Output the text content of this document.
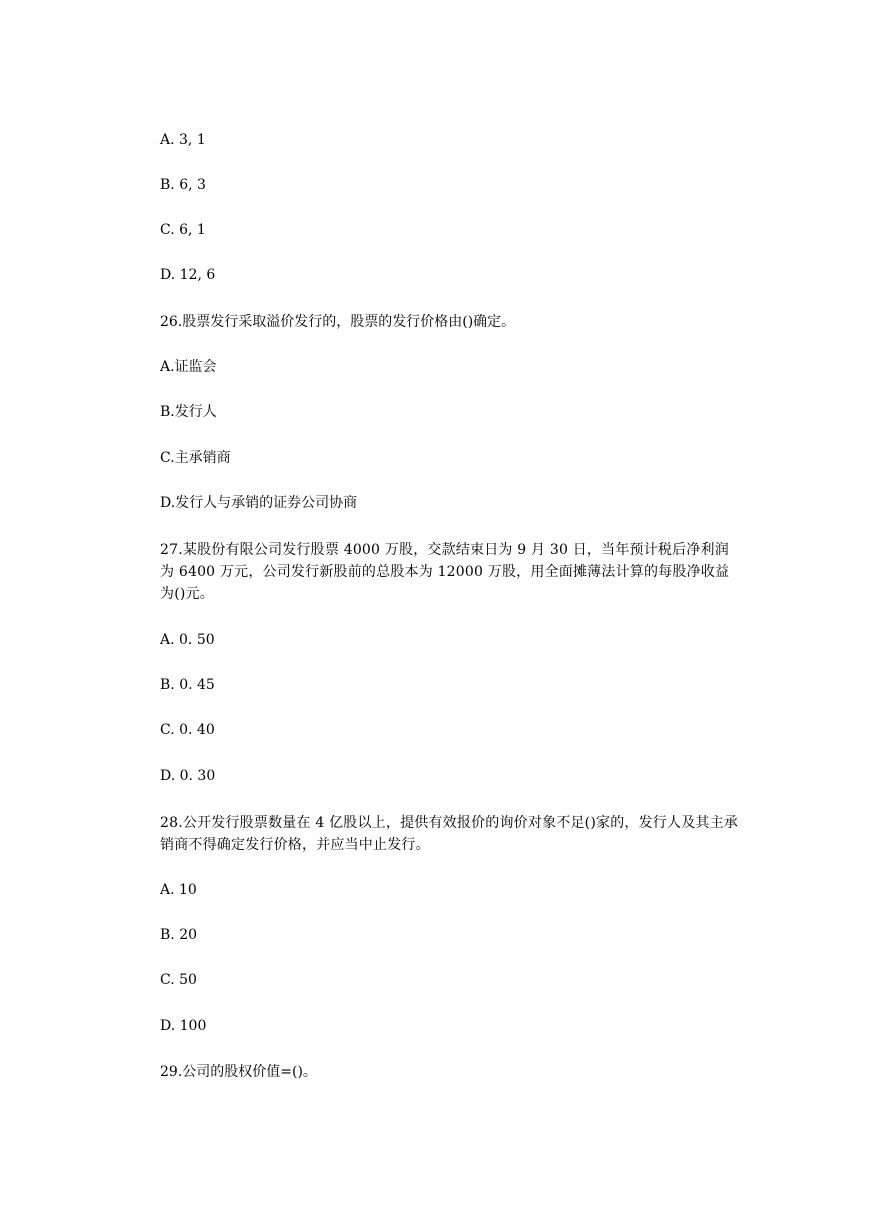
A. 3, 1

B. 6, 3

C. 6, 1

D. 12, 6

26.股票发行采取溢价发行的，股票的发行价格由()确定。

A.证监会

B.发行人

C.主承销商

D.发行人与承销的证券公司协商

27.某股份有限公司发行股票 4000 万股，交款结束日为 9 月 30 日，当年预计税后净利润为 6400 万元，公司发行新股前的总股本为 12000 万股，用全面摊薄法计算的每股净收益为()元。

A. 0. 50

B. 0. 45

C. 0. 40

D. 0. 30

28.公开发行股票数量在 4 亿股以上，提供有效报价的询价对象不足()家的，发行人及其主承销商不得确定发行价格，并应当中止发行。

A. 10

B. 20

C. 50

D. 100

29.公司的股权价值=()。
